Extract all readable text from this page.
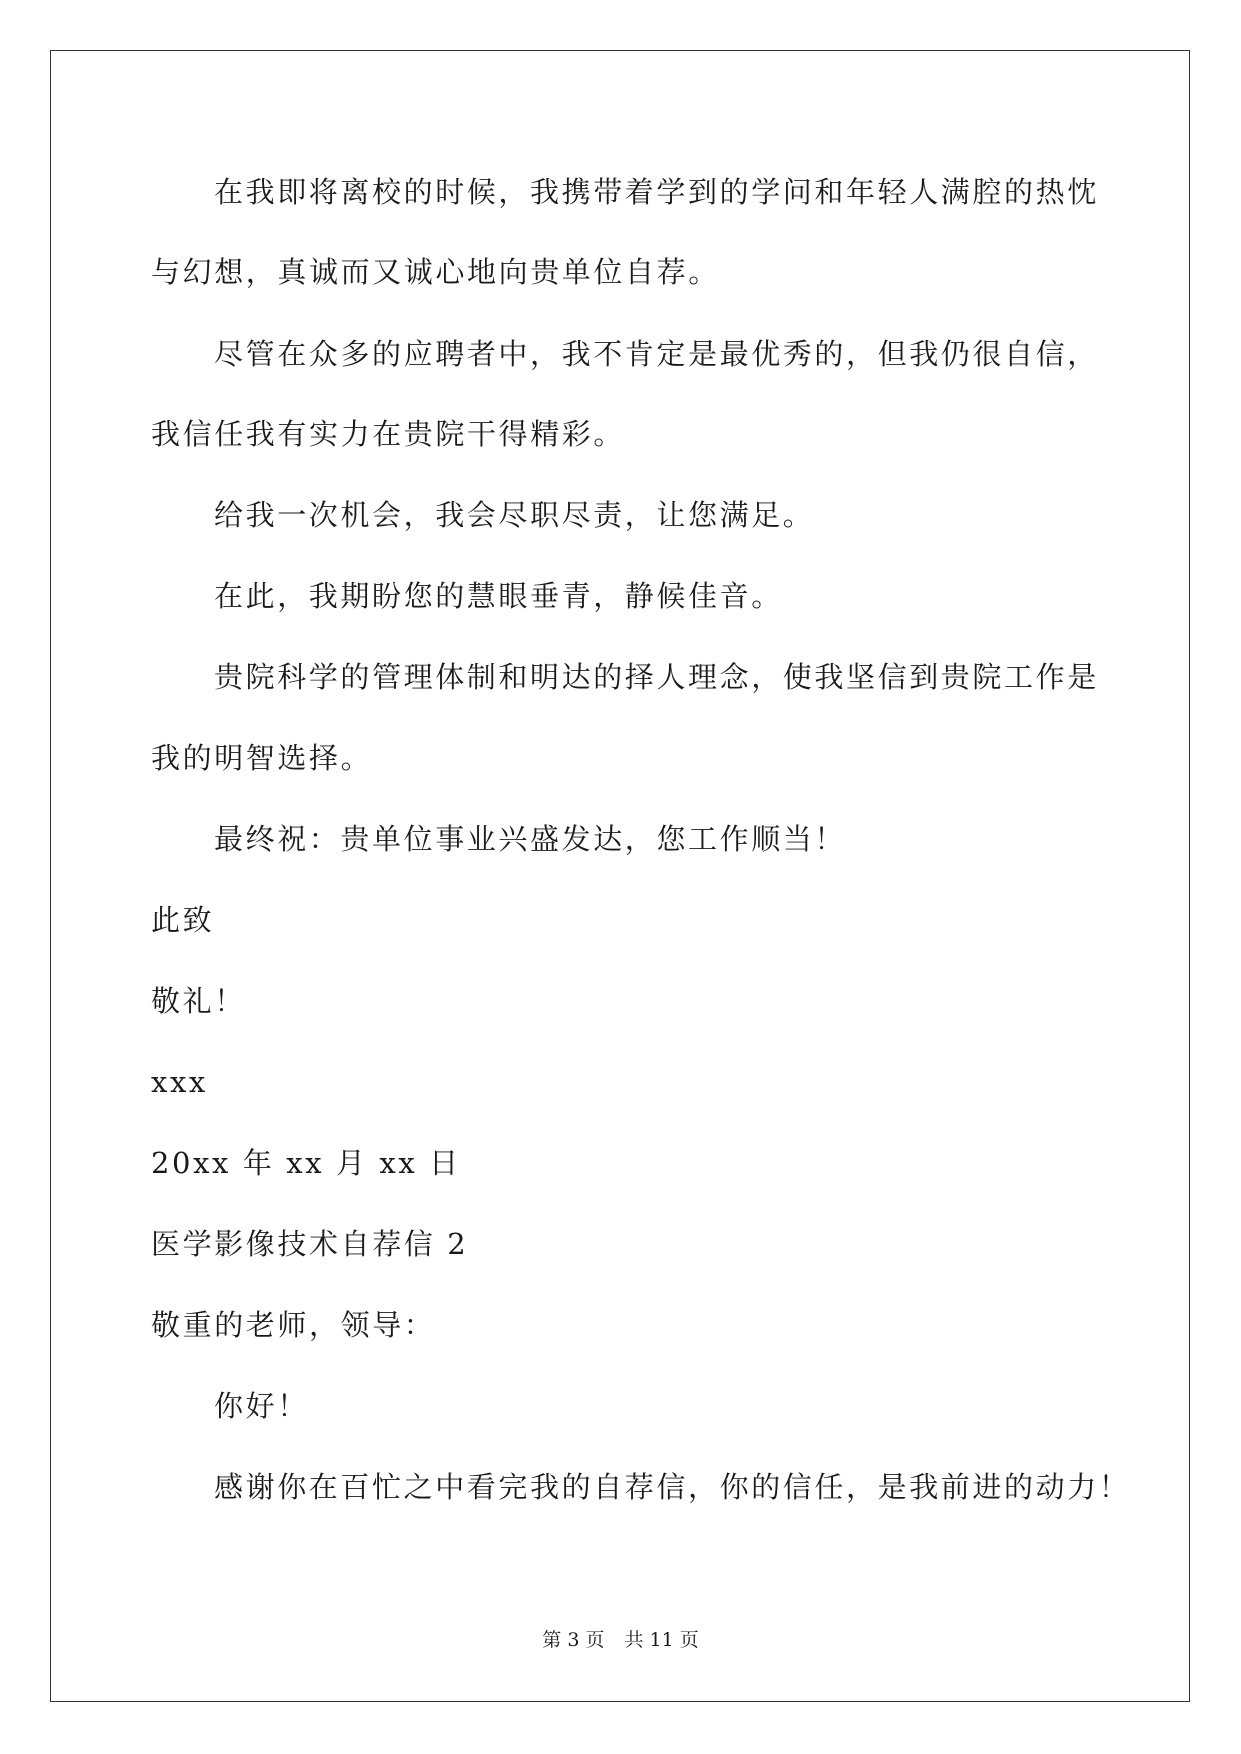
在我即将离校的时候，我携带着学到的学问和年轻人满腔的热忱
与幻想，真诚而又诚心地向贵单位自荐。
尽管在众多的应聘者中，我不肯定是最优秀的，但我仍很自信，
我信任我有实力在贵院干得精彩。
给我一次机会，我会尽职尽责，让您满足。
在此，我期盼您的慧眼垂青，静候佳音。
贵院科学的管理体制和明达的择人理念，使我坚信到贵院工作是
我的明智选择。
最终祝：贵单位事业兴盛发达，您工作顺当！
此致
敬礼！
xxx
20xx 年 xx 月 xx 日
医学影像技术自荐信 2
敬重的老师，领导：
你好！
感谢你在百忙之中看完我的自荐信，你的信任，是我前进的动力！
第 3 页 共 11 页
